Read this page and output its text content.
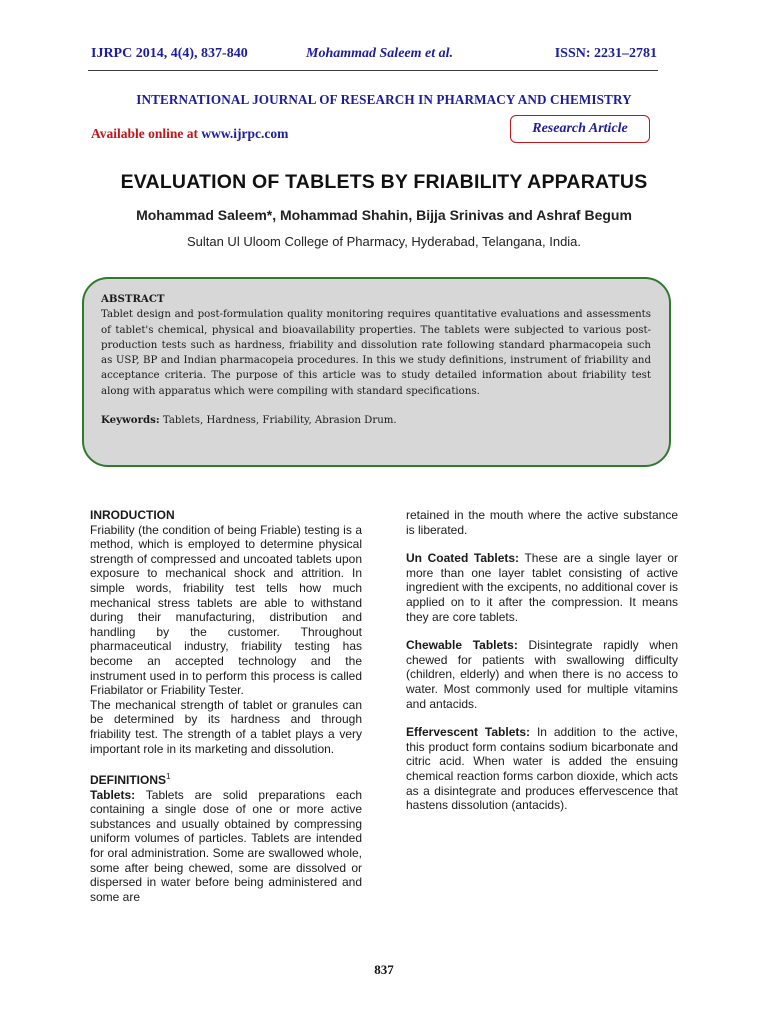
IJRPC 2014, 4(4), 837-840	Mohammad Saleem et al.	ISSN: 2231–2781
INTERNATIONAL JOURNAL OF RESEARCH IN PHARMACY AND CHEMISTRY
Available online at www.ijrpc.com	Research Article
EVALUATION OF TABLETS BY FRIABILITY APPARATUS
Mohammad Saleem*, Mohammad Shahin, Bijja Srinivas and Ashraf Begum
Sultan Ul Uloom College of Pharmacy, Hyderabad, Telangana, India.
ABSTRACT
Tablet design and post-formulation quality monitoring requires quantitative evaluations and assessments of tablet's chemical, physical and bioavailability properties. The tablets were subjected to various post-production tests such as hardness, friability and dissolution rate following standard pharmacopeia such as USP, BP and Indian pharmacopeia procedures. In this we study definitions, instrument of friability and acceptance criteria. The purpose of this article was to study detailed information about friability test along with apparatus which were compiling with standard specifications.
Keywords: Tablets, Hardness, Friability, Abrasion Drum.

INRODUCTION

Friability (the condition of being Friable) testing is a method, which is employed to determine physical strength of compressed and uncoated tablets upon exposure to mechanical shock and attrition. In simple words, friability test tells how much mechanical stress tablets are able to withstand during their manufacturing, distribution and handling by the customer. Throughout pharmaceutical industry, friability testing has become an accepted technology and the instrument used in to perform this process is called Friabilator or Friability Tester.

The mechanical strength of tablet or granules can be determined by its hardness and through friability test. The strength of a tablet plays a very important role in its marketing and dissolution.

DEFINITIONS$^1$

Tablets: Tablets are solid preparations each containing a single dose of one or more active substances and usually obtained by compressing uniform volumes of particles. Tablets are intended for oral administration. Some are swallowed whole, some after being chewed, some are dissolved or dispersed in water before being administered and some are

retained in the mouth where the active substance is liberated.

Un Coated Tablets: These are a single layer or more than one layer tablet consisting of active ingredient with the excipents, no additional cover is applied on to it after the compression. It means they are core tablets.

Chewable Tablets: Disintegrate rapidly when chewed for patients with swallowing difficulty (children, elderly) and when there is no access to water. Most commonly used for multiple vitamins and antacids.

Effervescent Tablets: In addition to the active, this product form contains sodium bicarbonate and citric acid. When water is added the ensuing chemical reaction forms carbon dioxide, which acts as a disintegrate and produces effervescence that hastens dissolution (antacids).

837
